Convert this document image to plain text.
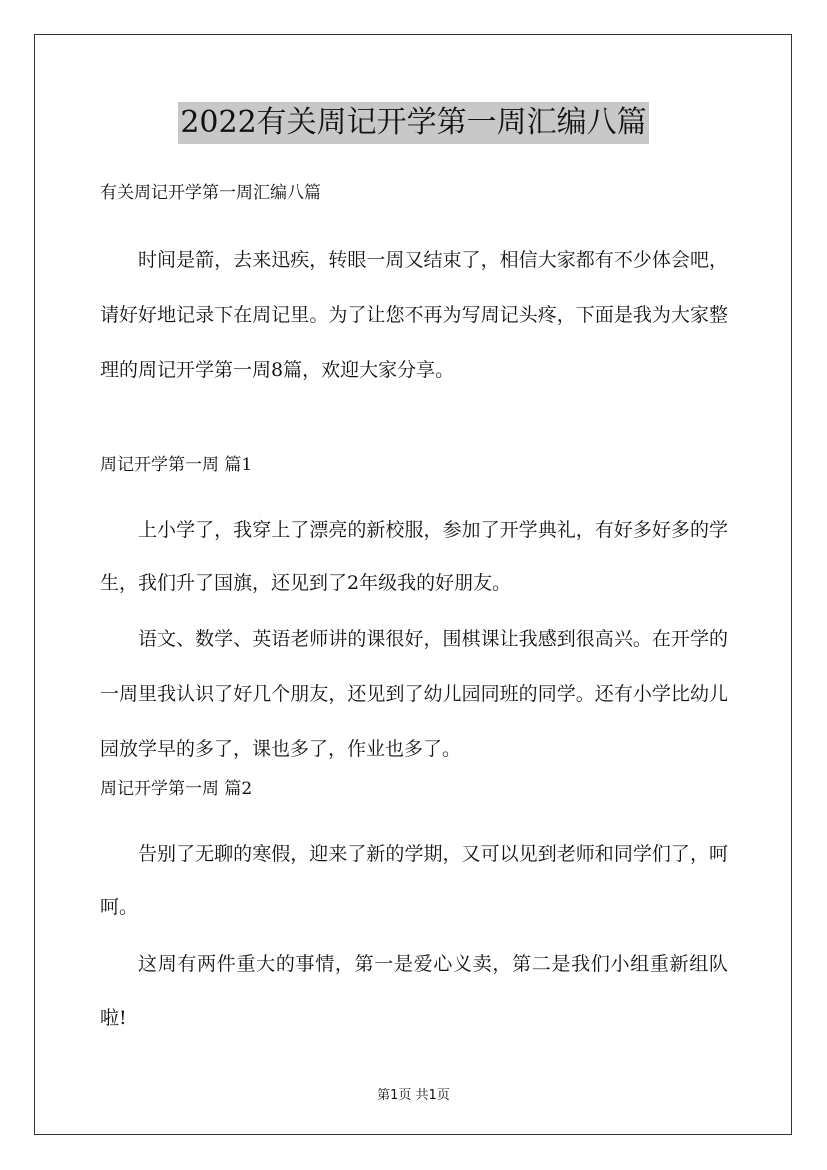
2022有关周记开学第一周汇编八篇
有关周记开学第一周汇编八篇
时间是箭，去来迅疾，转眼一周又结束了，相信大家都有不少体会吧，请好好地记录下在周记里。为了让您不再为写周记头疼，下面是我为大家整理的周记开学第一周8篇，欢迎大家分享。
周记开学第一周 篇1
上小学了，我穿上了漂亮的新校服，参加了开学典礼，有好多好多的学生，我们升了国旗，还见到了2年级我的好朋友。
语文、数学、英语老师讲的课很好，围棋课让我感到很高兴。在开学的一周里我认识了好几个朋友，还见到了幼儿园同班的同学。还有小学比幼儿园放学早的多了，课也多了，作业也多了。
周记开学第一周 篇2
告别了无聊的寒假，迎来了新的学期，又可以见到老师和同学们了，呵呵。
这周有两件重大的事情，第一是爱心义卖，第二是我们小组重新组队啦!
第1页 共1页
